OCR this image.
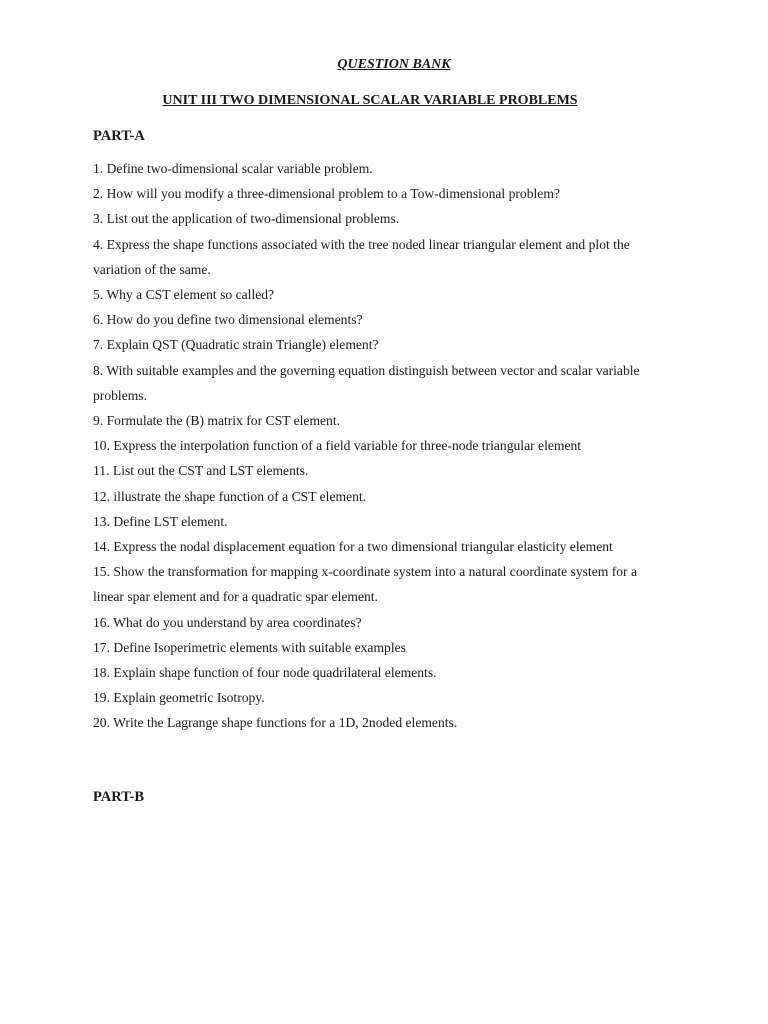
QUESTION BANK

UNIT III TWO DIMENSIONAL SCALAR VARIABLE PROBLEMS

PART-A

1. Define two-dimensional scalar variable problem.
2. How will you modify a three-dimensional problem to a Tow-dimensional problem?
3. List out the application of two-dimensional problems.
4. Express the shape functions associated with the tree noded linear triangular element and plot the variation of the same.
5. Why a CST element so called?
6. How do you define two dimensional elements?
7. Explain QST (Quadratic strain Triangle) element?
8. With suitable examples and the governing equation distinguish between vector and scalar variable problems.
9. Formulate the (B) matrix for CST element.
10. Express the interpolation function of a field variable for three-node triangular element
11. List out the CST and LST elements.
12. illustrate the shape function of a CST element.
13. Define LST element.
14. Express the nodal displacement equation for a two dimensional triangular elasticity element
15. Show the transformation for mapping x-coordinate system into a natural coordinate system for a linear spar element and for a quadratic spar element.
16. What do you understand by area coordinates?
17. Define Isoperimetric elements with suitable examples
18. Explain shape function of four node quadrilateral elements.
19. Explain geometric Isotropy.
20. Write the Lagrange shape functions for a 1D, 2noded elements.

PART-B
